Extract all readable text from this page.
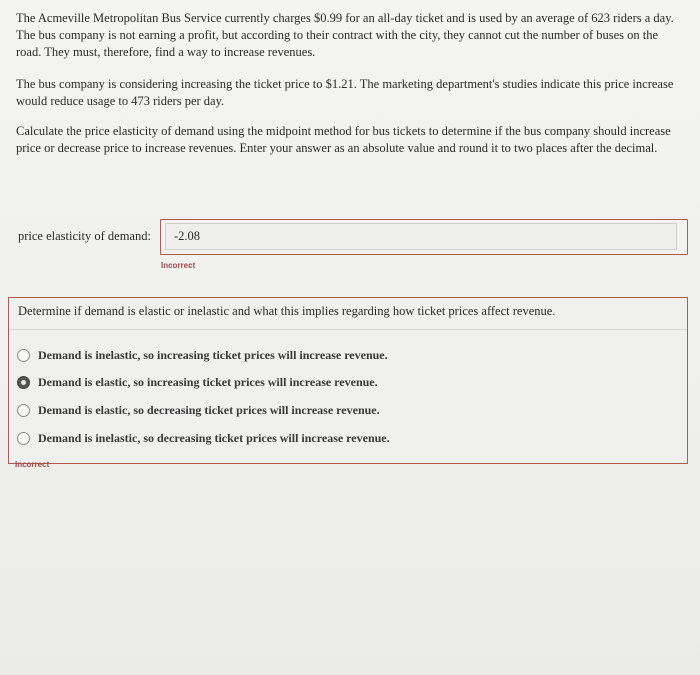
The Acmeville Metropolitan Bus Service currently charges $0.99 for an all-day ticket and is used by an average of 623 riders a day. The bus company is not earning a profit, but according to their contract with the city, they cannot cut the number of buses on the road. They must, therefore, find a way to increase revenues.

The bus company is considering increasing the ticket price to $1.21. The marketing department's studies indicate this price increase would reduce usage to 473 riders per day.

Calculate the price elasticity of demand using the midpoint method for bus tickets to determine if the bus company should increase price or decrease price to increase revenues. Enter your answer as an absolute value and round it to two places after the decimal.

price elasticity of demand:	-2.08
Incorrect
Determine if demand is elastic or inelastic and what this implies regarding how ticket prices affect revenue.
Demand is inelastic, so increasing ticket prices will increase revenue.
Demand is elastic, so increasing ticket prices will increase revenue.
Demand is elastic, so decreasing ticket prices will increase revenue.
Demand is inelastic, so decreasing ticket prices will increase revenue.
Incorrect
